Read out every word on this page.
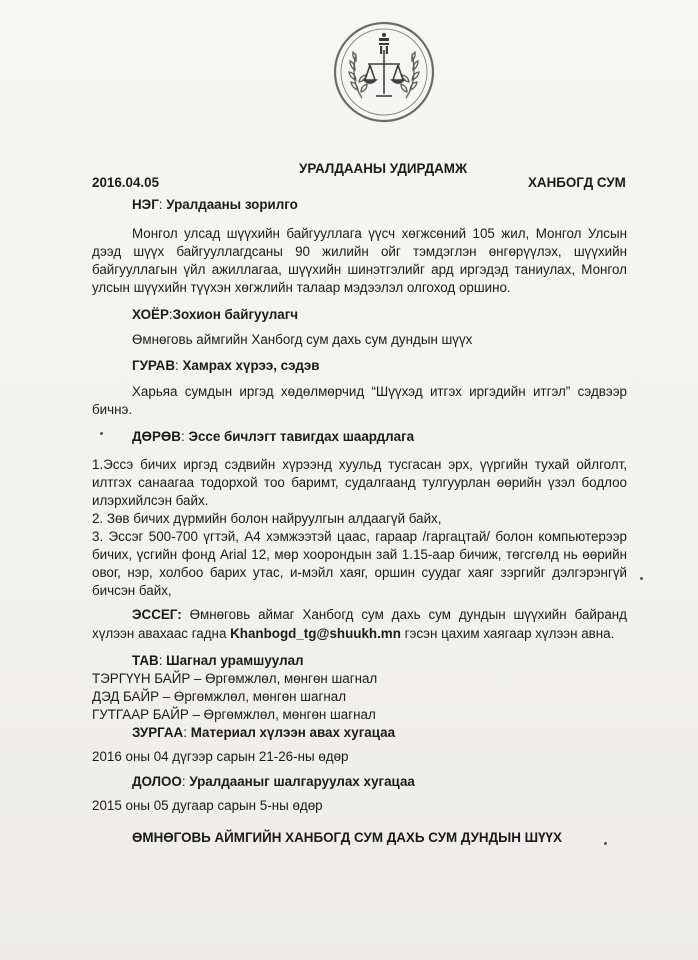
УРАЛДААНЫ УДИРДАМЖ
2016.04.05	ХАНБОГД СУМ
НЭГ: Уралдааны зорилго
Монгол улсад шүүхийн байгууллага үүсч хөгжсөний 105 жил, Монгол Улсын
дээд шүүх байгууллагдсаны 90 жилийн ойг тэмдэглэн өнгөрүүлэх, шүүхийн
байгууллагын үйл ажиллагаа, шүүхийн шинэтгэлийг ард иргэдэд таниулах, Монгол
улсын шүүхийн түүхэн хөгжлийн талаар мэдээлэл олгоход оршино.
ХОЁР:Зохион байгуулагч
Өмнөговь аймгийн Ханбогд сум дахь сум дундын шүүх
ГУРАВ: Хамрах хүрээ, сэдэв
Харьяа сумдын иргэд хөдөлмөрчид “Шүүхэд итгэх иргэдийн итгэл” сэдвээр
бичнэ.
ДӨРӨВ: Эссе бичлэгт тавигдах шаардлага
1.Эссэ бичих иргэд сэдвийн хүрээнд хуульд тусгасан эрх, үүргийн тухай ойлголт,
илтгэх санаагаа тодорхой тоо баримт, судалгаанд тулгуурлан өөрийн үзэл бодлоо
илэрхийлсэн байх.
2. Зөв бичих дүрмийн болон найруулгын алдаагүй байх,
3. Эссэг 500-700 үгтэй, А4 хэмжээтэй цаас, гараар /гаргацтай/ болон компьютерээр
бичих, үсгийн фонд Arial 12, мөр хоорондын зай 1.15-аар бичиж, төгсгөлд нь өөрийн
овог, нэр, холбоо барих утас, и-мэйл хаяг, оршин суудаг хаяг зэргийг дэлгэрэнгүй
бичсэн байх,
ЭССЕГ: Өмнөговь аймаг Ханбогд сум дахь сум дундын шүүхийн байранд
хүлээн авахаас гадна Khanbogd_tg@shuukh.mn гэсэн цахим хаягаар хүлээн авна.
ТАВ: Шагнал урамшуулал
ТЭРГҮҮН БАЙР – Өргөмжлөл, мөнгөн шагнал
ДЭД БАЙР – Өргөмжлөл, мөнгөн шагнал
ГУТГААР БАЙР – Өргөмжлөл, мөнгөн шагнал
ЗУРГАА: Материал хүлээн авах хугацаа
2016 оны 04 дүгээр сарын 21-26-ны өдөр
ДОЛОО: Уралдааныг шалгаруулах хугацаа
2015 оны 05 дугаар сарын 5-ны өдөр
ӨМНӨГОВЬ АЙМГИЙН ХАНБОГД СУМ ДАХЬ СУМ ДУНДЫН ШҮҮХ
